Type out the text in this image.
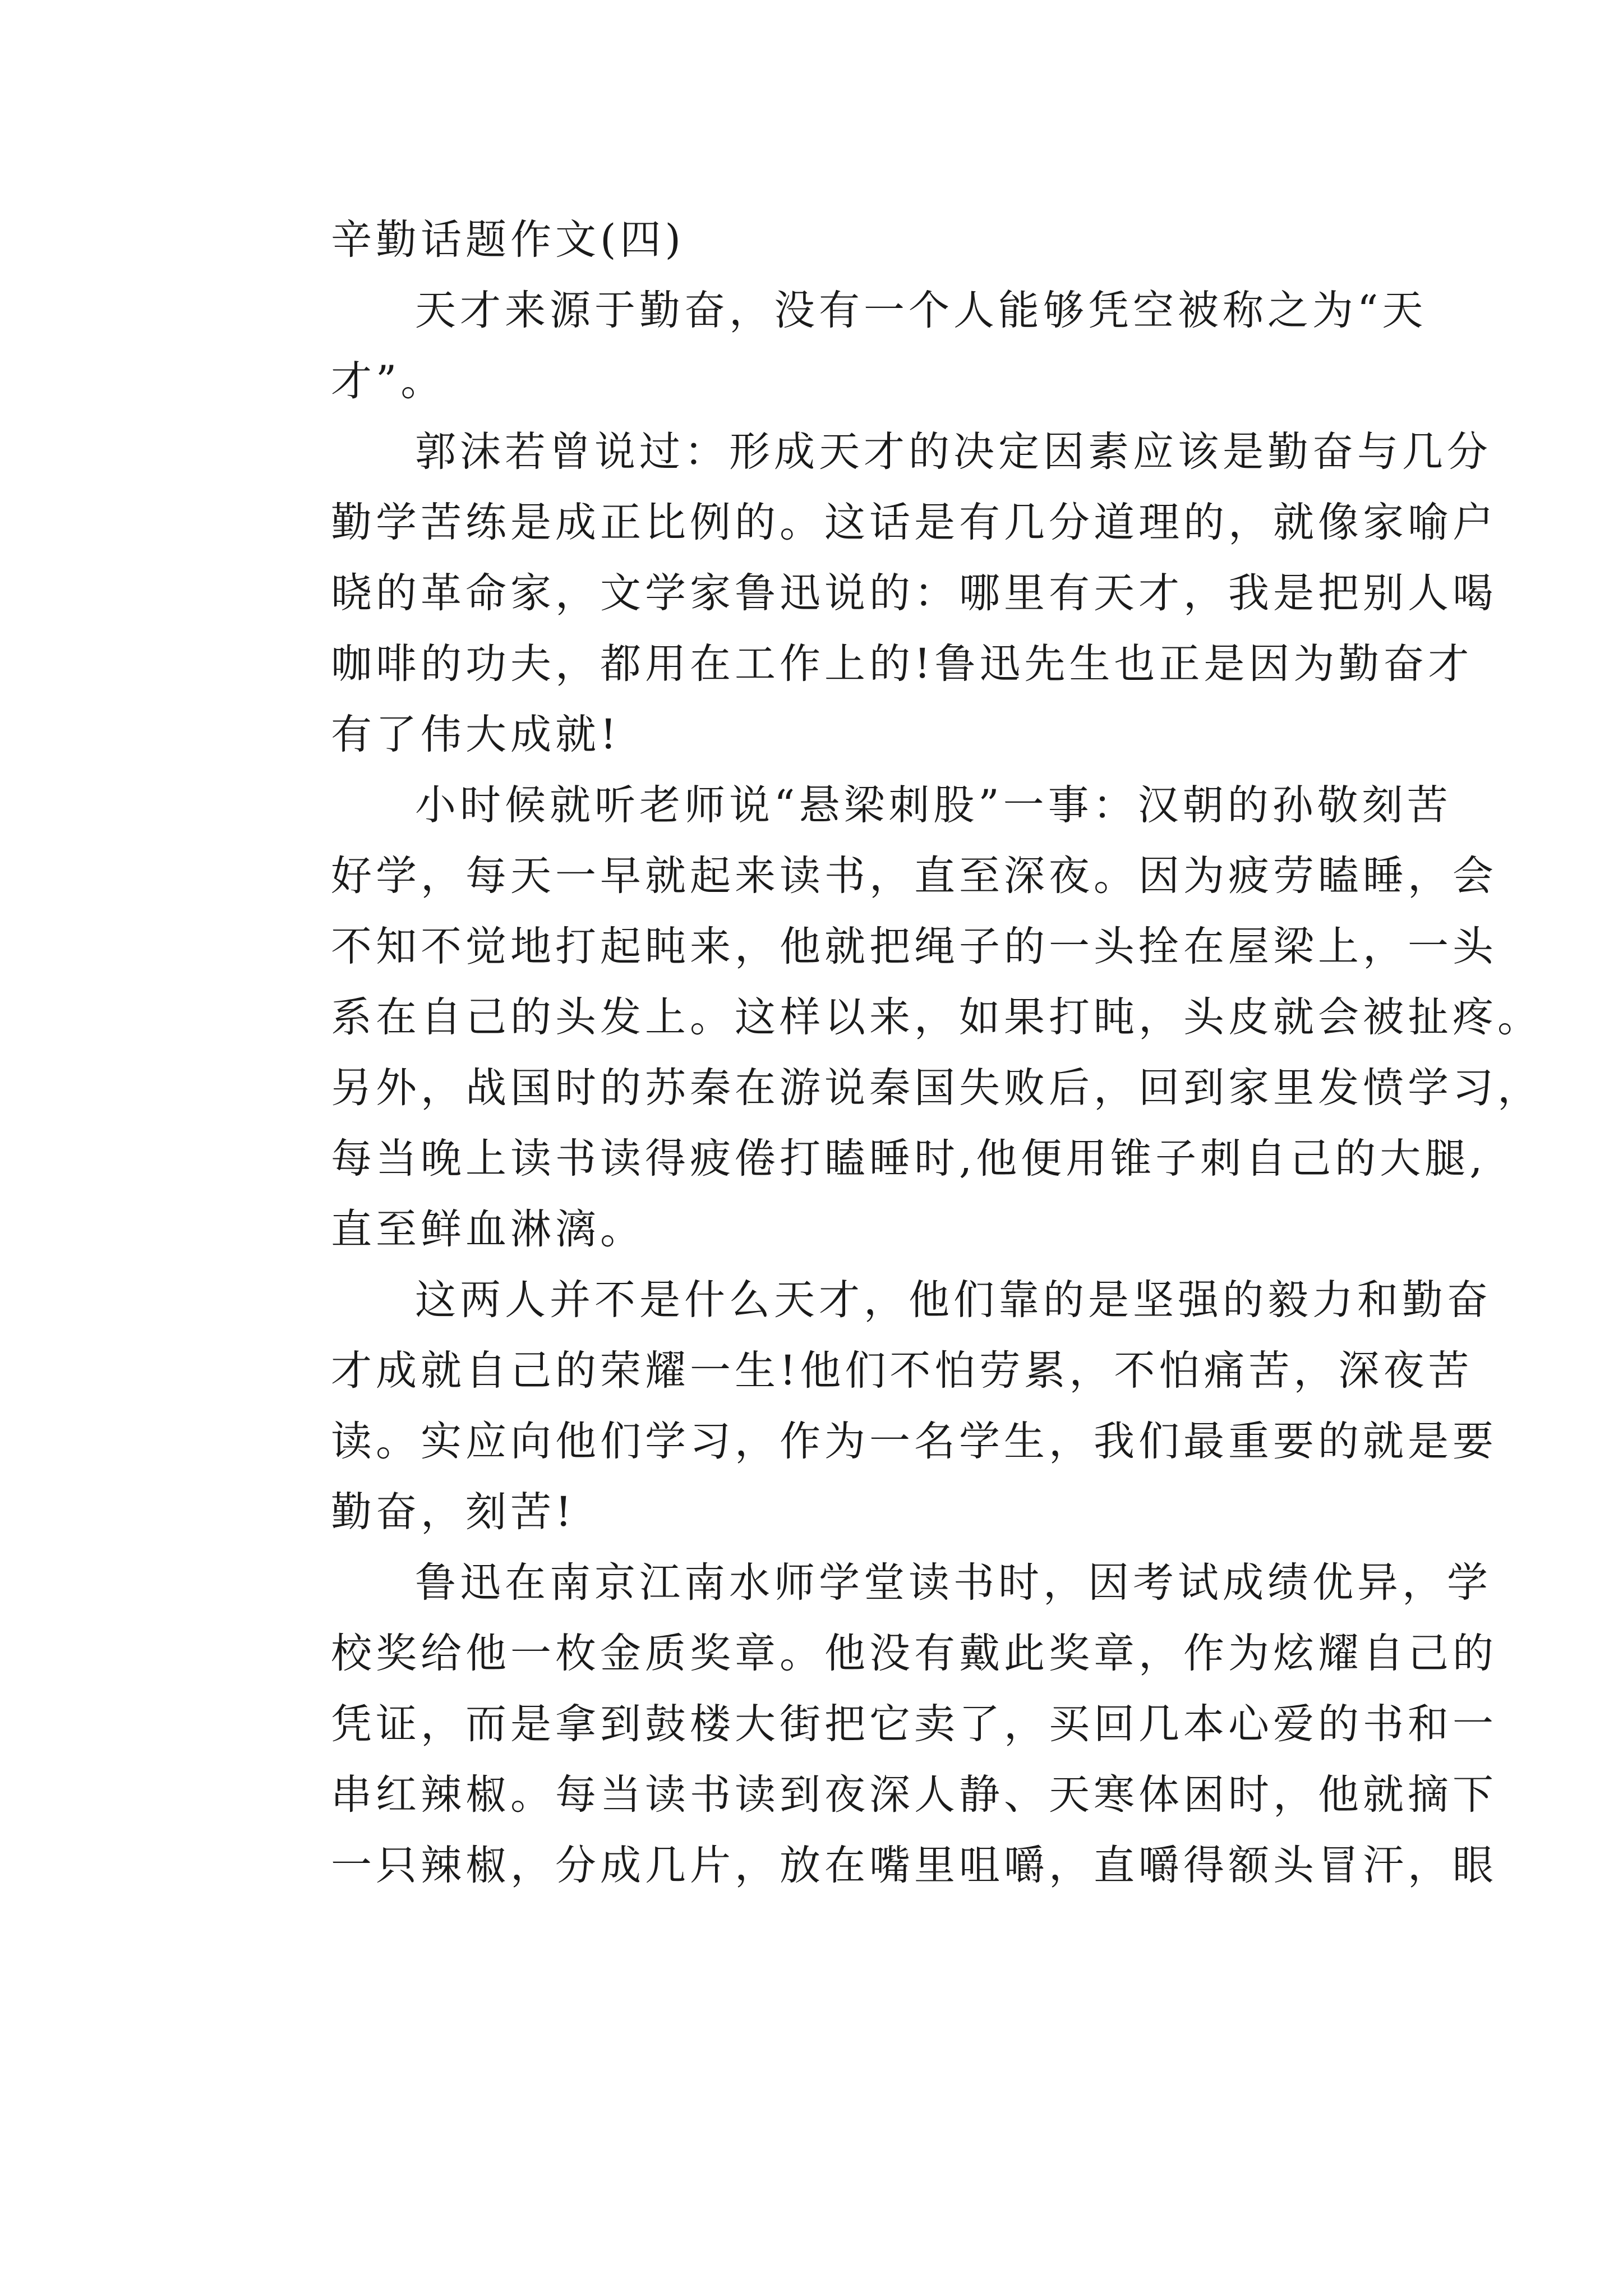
辛勤话题作文(四)
天才来源于勤奋，没有一个人能够凭空被称之为“天
才”。
郭沫若曾说过：形成天才的决定因素应该是勤奋与几分
勤学苦练是成正比例的。这话是有几分道理的，就像家喻户
晓的革命家，文学家鲁迅说的：哪里有天才，我是把别人喝
咖啡的功夫，都用在工作上的!鲁迅先生也正是因为勤奋才
有了伟大成就!
小时候就听老师说“悬梁刺股”一事：汉朝的孙敬刻苦
好学，每天一早就起来读书，直至深夜。因为疲劳瞌睡，会
不知不觉地打起盹来，他就把绳子的一头拴在屋梁上，一头
系在自己的头发上。这样以来，如果打盹，头皮就会被扯疼。
另外，战国时的苏秦在游说秦国失败后，回到家里发愤学习，
每当晚上读书读得疲倦打瞌睡时,他便用锥子刺自己的大腿,
直至鲜血淋漓。
这两人并不是什么天才，他们靠的是坚强的毅力和勤奋
才成就自己的荣耀一生!他们不怕劳累，不怕痛苦，深夜苦
读。实应向他们学习，作为一名学生，我们最重要的就是要
勤奋，刻苦!
鲁迅在南京江南水师学堂读书时，因考试成绩优异，学
校奖给他一枚金质奖章。他没有戴此奖章，作为炫耀自己的
凭证，而是拿到鼓楼大街把它卖了，买回几本心爱的书和一
串红辣椒。每当读书读到夜深人静、天寒体困时，他就摘下
一只辣椒，分成几片，放在嘴里咀嚼，直嚼得额头冒汗，眼
